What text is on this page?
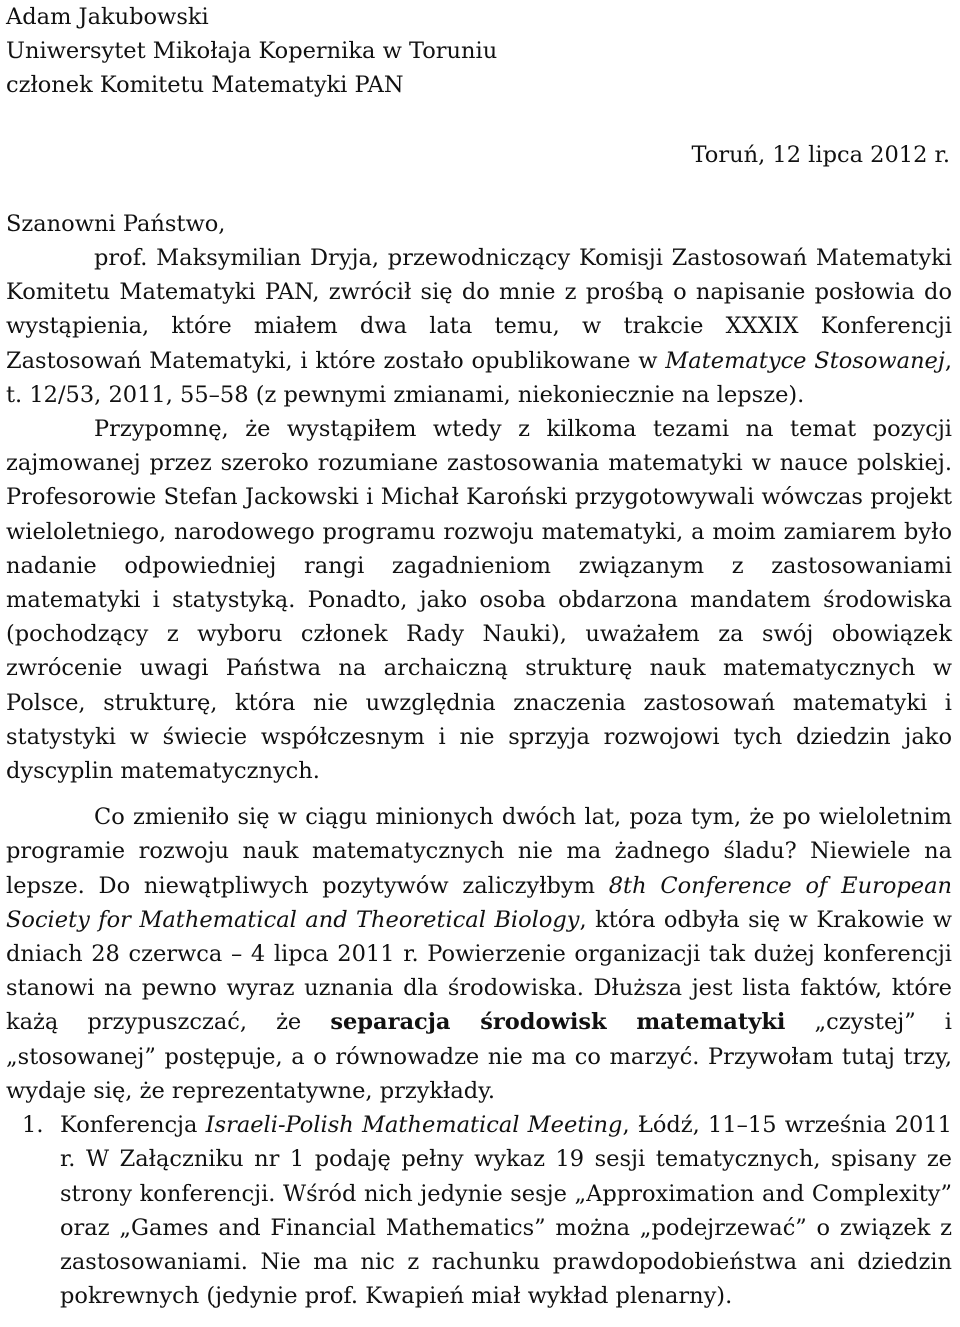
Adam Jakubowski
Uniwersytet Mikołaja Kopernika w Toruniu
członek Komitetu Matematyki PAN
Toruń, 12 lipca 2012 r.
Szanowni Państwo,
prof. Maksymilian Dryja, przewodniczący Komisji Zastosowań Matematyki Komitetu Matematyki PAN, zwrócił się do mnie z prośbą o napisanie posłowia do wystąpienia, które miałem dwa lata temu, w trakcie XXXIX Konferencji Zastosowań Matematyki, i które zostało opublikowane w Matematyce Stosowanej, t. 12/53, 2011, 55–58 (z pewnymi zmianami, niekoniecznie na lepsze).
Przypomnę, że wystąpiłem wtedy z kilkoma tezami na temat pozycji zajmowanej przez szeroko rozumiane zastosowania matematyki w nauce polskiej. Profesorowie Stefan Jackowski i Michał Karoński przygotowywali wówczas projekt wieloletniego, narodowego programu rozwoju matematyki, a moim zamiarem było nadanie odpowiedniej rangi zagadnieniom związanym z zastosowaniami matematyki i statystyką. Ponadto, jako osoba obdarzona mandatem środowiska (pochodzący z wyboru członek Rady Nauki), uważałem za swój obowiązek zwrócenie uwagi Państwa na archaiczną strukturę nauk matematycznych w Polsce, strukturę, która nie uwzględnia znaczenia zastosowań matematyki i statystyki w świecie współczesnym i nie sprzyja rozwojowi tych dziedzin jako dyscyplin matematycznych.
Co zmieniło się w ciągu minionych dwóch lat, poza tym, że po wieloletnim programie rozwoju nauk matematycznych nie ma żadnego śladu? Niewiele na lepsze. Do niewątpliwych pozytywów zaliczyłbym 8th Conference of European Society for Mathematical and Theoretical Biology, która odbyła się w Krakowie w dniach 28 czerwca – 4 lipca 2011 r. Powierzenie organizacji tak dużej konferencji stanowi na pewno wyraz uznania dla środowiska. Dłuższa jest lista faktów, które każą przypuszczać, że separacja środowisk matematyki „czystej” i „stosowanej” postępuje, a o równowadze nie ma co marzyć. Przywołam tutaj trzy, wydaje się, że reprezentatywne, przykłady.
1. Konferencja Israeli-Polish Mathematical Meeting, Łódź, 11–15 września 2011 r. W Załączniku nr 1 podaję pełny wykaz 19 sesji tematycznych, spisany ze strony konferencji. Wśród nich jedynie sesje „Approximation and Complexity” oraz „Games and Financial Mathematics” można „podejrzewać” o związek z zastosowaniami. Nie ma nic z rachunku prawdopodobieństwa ani dziedzin pokrewnych (jedynie prof. Kwapień miał wykład plenarny).
